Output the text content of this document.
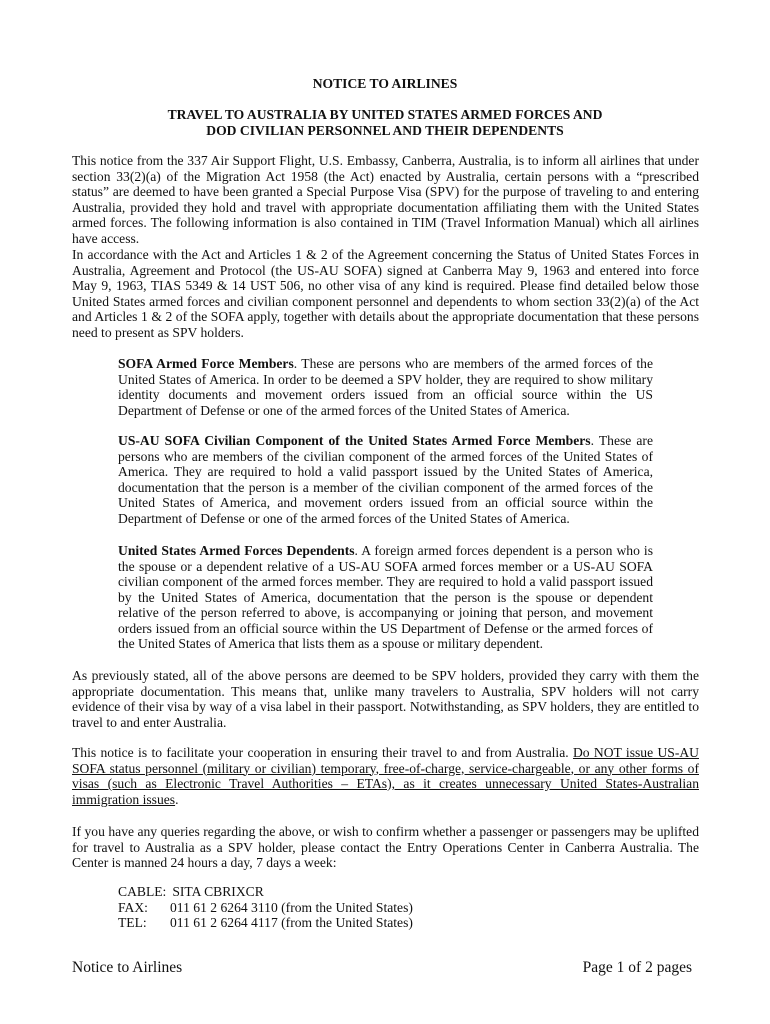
NOTICE TO AIRLINES
TRAVEL TO AUSTRALIA BY UNITED STATES ARMED FORCES AND
DOD CIVILIAN PERSONNEL AND THEIR DEPENDENTS

This notice from the 337 Air Support Flight, U.S. Embassy, Canberra, Australia, is to inform all airlines that under section 33(2)(a) of the Migration Act 1958 (the Act) enacted by Australia, certain persons with a “prescribed status” are deemed to have been granted a Special Purpose Visa (SPV) for the purpose of traveling to and entering Australia, provided they hold and travel with appropriate documentation affiliating them with the United States armed forces. The following information is also contained in TIM (Travel Information Manual) which all airlines have access.

In accordance with the Act and Articles 1 & 2 of the Agreement concerning the Status of United States Forces in Australia, Agreement and Protocol (the US-AU SOFA) signed at Canberra May 9, 1963 and entered into force May 9, 1963, TIAS 5349 & 14 UST 506, no other visa of any kind is required. Please find detailed below those United States armed forces and civilian component personnel and dependents to whom section 33(2)(a) of the Act and Articles 1 & 2 of the SOFA apply, together with details about the appropriate documentation that these persons need to present as SPV holders.

SOFA Armed Force Members. These are persons who are members of the armed forces of the United States of America. In order to be deemed a SPV holder, they are required to show military identity documents and movement orders issued from an official source within the US Department of Defense or one of the armed forces of the United States of America.

US-AU SOFA Civilian Component of the United States Armed Force Members. These are persons who are members of the civilian component of the armed forces of the United States of America. They are required to hold a valid passport issued by the United States of America, documentation that the person is a member of the civilian component of the armed forces of the United States of America, and movement orders issued from an official source within the Department of Defense or one of the armed forces of the United States of America.

United States Armed Forces Dependents. A foreign armed forces dependent is a person who is the spouse or a dependent relative of a US-AU SOFA armed forces member or a US-AU SOFA civilian component of the armed forces member. They are required to hold a valid passport issued by the United States of America, documentation that the person is the spouse or dependent relative of the person referred to above, is accompanying or joining that person, and movement orders issued from an official source within the US Department of Defense or the armed forces of the United States of America that lists them as a spouse or military dependent.

As previously stated, all of the above persons are deemed to be SPV holders, provided they carry with them the appropriate documentation. This means that, unlike many travelers to Australia, SPV holders will not carry evidence of their visa by way of a visa label in their passport. Notwithstanding, as SPV holders, they are entitled to travel to and enter Australia.

This notice is to facilitate your cooperation in ensuring their travel to and from Australia. Do NOT issue US-AU SOFA status personnel (military or civilian) temporary, free-of-charge, service-chargeable, or any other forms of visas (such as Electronic Travel Authorities – ETAs), as it creates unnecessary United States-Australian immigration issues.

If you have any queries regarding the above, or wish to confirm whether a passenger or passengers may be uplifted for travel to Australia as a SPV holder, please contact the Entry Operations Center in Canberra Australia. The Center is manned 24 hours a day, 7 days a week:

CABLE: SITA CBRIXCR
FAX: 011 61 2 6264 3110 (from the United States)
TEL: 011 61 2 6264 4117 (from the United States)
Notice to Airlines	Page 1 of 2 pages
